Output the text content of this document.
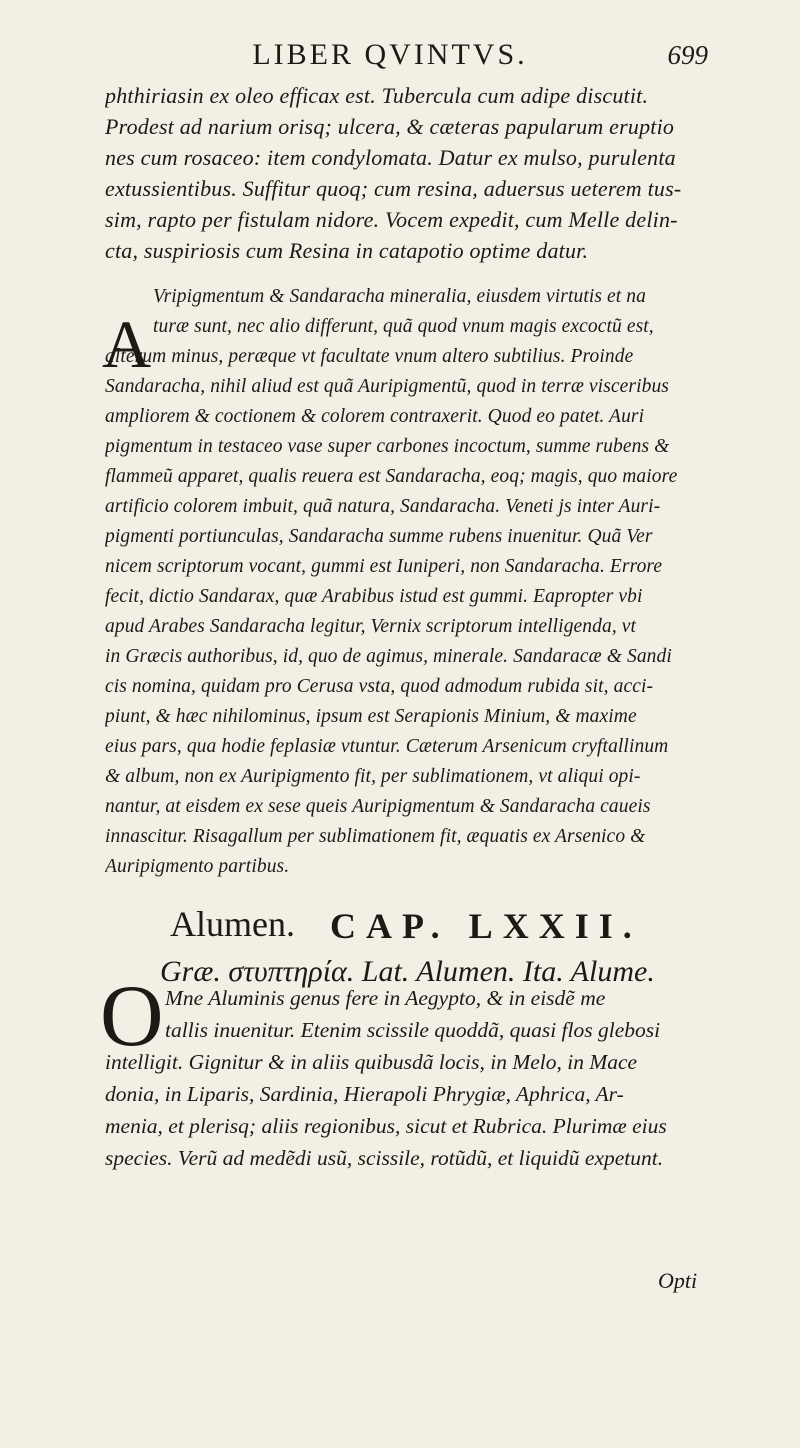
LIBER QVINTVS.	699
phthiriasin ex oleo efficax est. Tubercula cum adipe discutit.
Prodest ad narium orisq; ulcera, & cæteras papularum eruptio
nes cum rosaceo: item condylomata. Datur ex mulso, purulenta
extussientibus. Suffitur quoq; cum resina, aduersus ueterem tus-
sim, rapto per fistulam nidore. Vocem expedit, cum Melle delin-
cta, suspiriosis cum Resina in catapotio optime datur.
A
Vripigmentum & Sandaracha mineralia, eiusdem virtutis et na
turæ sunt, nec alio differunt, quã quod vnum magis excoctũ est,
alterum minus, peræque vt facultate vnum altero subtilius. Proinde
Sandaracha, nihil aliud est quã Auripigmentũ, quod in terræ visceribus
ampliorem & coctionem & colorem contraxerit. Quod eo patet. Auri
pigmentum in testaceo vase super carbones incoctum, summe rubens &
flammeũ apparet, qualis reuera est Sandaracha, eoq; magis, quo maiore
artificio colorem imbuit, quã natura, Sandaracha. Veneti js inter Auri-
pigmenti portiunculas, Sandaracha summe rubens inuenitur. Quã Ver
nicem scriptorum vocant, gummi est Iuniperi, non Sandaracha. Errore
fecit, dictio Sandarax, quæ Arabibus istud est gummi. Eapropter vbi
apud Arabes Sandaracha legitur, Vernix scriptorum intelligenda, vt
in Græcis authoribus, id, quo de agimus, minerale. Sandaracæ & Sandi
cis nomina, quidam pro Cerusa vsta, quod admodum rubida sit, acci-
piunt, & hæc nihilominus, ipsum est Serapionis Minium, & maxime
eius pars, qua hodie feplasiæ vtuntur. Cæterum Arsenicum cryftallinum
& album, non ex Auripigmento fit, per sublimationem, vt aliqui opi-
nantur, at eisdem ex sese queis Auripigmentum & Sandaracha caueis
innascitur. Risagallum per sublimationem fit, æquatis ex Arsenico &
Auripigmento partibus.
Alumen. CAP. LXXII.
Græ. στυπτηρία. Lat. Alumen. Ita. Alume.
O Mne Aluminis genus fere in Aegypto, & in eisdẽ me
tallis inuenitur. Etenim scissile quoddã, quasi flos glebosi
intelligit. Gignitur & in aliis quibusdã locis, in Melo, in Mace
donia, in Liparis, Sardinia, Hierapoli Phrygiæ, Aphrica, Ar-
menia, et plerisq; aliis regionibus, sicut et Rubrica. Plurimæ eius
species. Verũ ad medẽdi usũ, scissile, rotũdũ, et liquidũ expetunt.
Opti
